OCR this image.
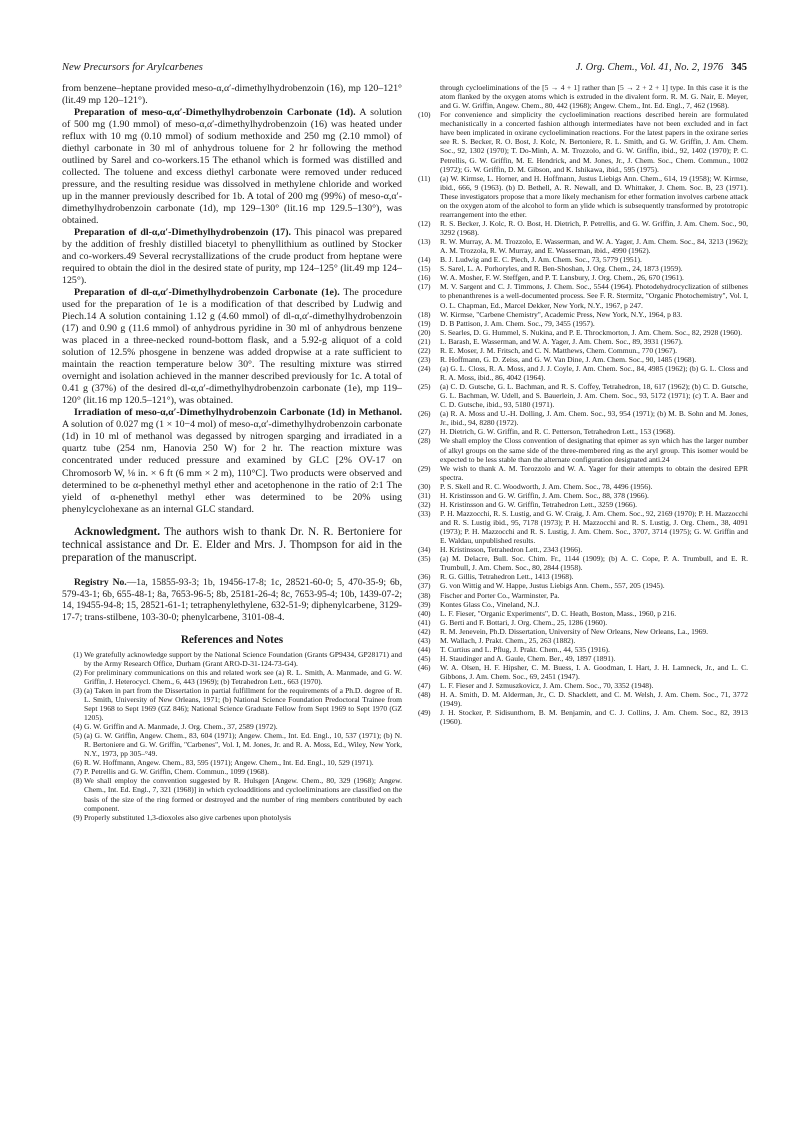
New Precursors for Arylcarbenes	J. Org. Chem., Vol. 41, No. 2, 1976 345

from benzene–heptane provided meso-α,α′-dimethylhydrobenzoin (16), mp 120–121° (lit.49 mp 120–121°).

Preparation of meso-α,α′-Dimethylhydrobenzoin Carbonate (1d). A solution of 500 mg (1.90 mmol) of meso-α,α′-dimethylhydrobenzoin (16) was heated under reflux with 10 mg (0.10 mmol) of sodium methoxide and 250 mg (2.10 mmol) of diethyl carbonate in 30 ml of anhydrous toluene for 2 hr following the method outlined by Sarel and co-workers.15 The ethanol which is formed was distilled and collected. The toluene and excess diethyl carbonate were removed under reduced pressure, and the resulting residue was dissolved in methylene chloride and worked up in the manner previously described for 1b. A total of 200 mg (99%) of meso-α,α′-dimethylhydrobenzoin carbonate (1d), mp 129–130° (lit.16 mp 129.5–130°), was obtained.

Preparation of dl-α,α′-Dimethylhydrobenzoin (17). This pinacol was prepared by the addition of freshly distilled biacetyl to phenyllithium as outlined by Stocker and co-workers.49 Several recrystallizations of the crude product from heptane were required to obtain the diol in the desired state of purity, mp 124–125° (lit.49 mp 124–125°).

Preparation of dl-α,α′-Dimethylhydrobenzoin Carbonate (1e). The procedure used for the preparation of 1e is a modification of that described by Ludwig and Piech.14 A solution containing 1.12 g (4.60 mmol) of dl-α,α′-dimethylhydrobenzoin (17) and 0.90 g (11.6 mmol) of anhydrous pyridine in 30 ml of anhydrous benzene was placed in a three-necked round-bottom flask, and a 5.92-g aliquot of a cold solution of 12.5% phosgene in benzene was added dropwise at a rate sufficient to maintain the reaction temperature below 30°. The resulting mixture was stirred overnight and isolation achieved in the manner described previously for 1c. A total of 0.41 g (37%) of the desired dl-α,α′-dimethylhydrobenzoin carbonate (1e), mp 119–120° (lit.16 mp 120.5–121°), was obtained.

Irradiation of meso-α,α′-Dimethylhydrobenzoin Carbonate (1d) in Methanol. A solution of 0.027 mg (1 × 10−4 mol) of meso-α,α′-dimethylhydrobenzoin carbonate (1d) in 10 ml of methanol was degassed by nitrogen sparging and irradiated in a quartz tube (254 nm, Hanovia 250 W) for 2 hr. The reaction mixture was concentrated under reduced pressure and examined by GLC [2% OV-17 on Chromosorb W, ⅛ in. × 6 ft (6 mm × 2 m), 110°C]. Two products were observed and determined to be α-phenethyl methyl ether and acetophenone in the ratio of 2:1 The yield of α-phenethyl methyl ether was determined to be 20% using phenylcyclohexane as an internal GLC standard.

Acknowledgment. The authors wish to thank Dr. N. R. Bertoniere for technical assistance and Dr. E. Elder and Mrs. J. Thompson for aid in the preparation of the manuscript.

Registry No.—1a, 15855-93-3; 1b, 19456-17-8; 1c, 28521-60-0; 5, 470-35-9; 6b, 579-43-1; 6b, 655-48-1; 8a, 7653-96-5; 8b, 25181-26-4; 8c, 7653-95-4; 10b, 1439-07-2; 14, 19455-94-8; 15, 28521-61-1; tetraphenylethylene, 632-51-9; diphenylcarbene, 3129-17-7; trans-stilbene, 103-30-0; phenylcarbene, 3101-08-4.

References and Notes

(1) We gratefully acknowledge support by the National Science Foundation (Grants GP9434, GP28171) and by the Army Research Office, Durham (Grant ARO-D-31-124-73-G4).

(2) For preliminary communications on this and related work see (a) R. L. Smith, A. Manmade, and G. W. Griffin, J. Heterocycl. Chem., 6, 443 (1969); (b) Tetrahedron Lett., 663 (1970).

(3) (a) Taken in part from the Dissertation in partial fulfillment for the requirements of a Ph.D. degree of R. L. Smith, University of New Orleans, 1971; (b) National Science Foundation Predoctoral Trainee from Sept 1968 to Sept 1969 (GZ 846); National Science Graduate Fellow from Sept 1969 to Sept 1970 (GZ 1205).

(4) G. W. Griffin and A. Manmade, J. Org. Chem., 37, 2589 (1972).

(5) (a) G. W. Griffin, Angew. Chem., 83, 604 (1971); Angew. Chem., Int. Ed. Engl., 10, 537 (1971); (b) N. R. Bertoniere and G. W. Griffin, "Carbenes", Vol. I, M. Jones, Jr. and R. A. Moss, Ed., Wiley, New York, N.Y., 1973, pp 305–°49.

(6) R. W. Hoffmann, Angew. Chem., 83, 595 (1971); Angew. Chem., Int. Ed. Engl., 10, 529 (1971).

(7) P. Petrellis and G. W. Griffin, Chem. Commun., 1099 (1968).

(8) We shall employ the convention suggested by R. Hulsgen [Angew. Chem., 80, 329 (1968); Angew. Chem., Int. Ed. Engl., 7, 321 (1968)] in which cycloadditions and cycloeliminations are classified on the basis of the size of the ring formed or destroyed and the number of ring members contributed by each component.

(9) Properly substituted 1,3-dioxoles also give carbenes upon photolysis

through cycloeliminations of the [5 → 4 + 1] rather than [5 → 2 + 2 + 1] type. In this case it is the atom flanked by the oxygen atoms which is extruded in the divalent form. R. M. G. Nair, E. Meyer, and G. W. Griffin, Angew. Chem., 80, 442 (1968); Angew. Chem., Int. Ed. Engl., 7, 462 (1968).

(10)	For convenience and simplicity the cycloelimination reactions described herein are formulated mechanistically in a concerted fashion although intermediates have not been excluded and in fact have been implicated in oxirane cycloelimination reactions. For the latest papers in the oxirane series see R. S. Becker, R. O. Bost, J. Kolc, N. Bertoniere, R. L. Smith, and G. W. Griffin, J. Am. Chem. Soc., 92, 1302 (1970); T. Do-Minh, A. M. Trozzolo, and G. W. Griffin, ibid., 92, 1402 (1970); P. C. Petrellis, G. W. Griffin, M. E. Hendrick, and M. Jones, Jr., J. Chem. Soc., Chem. Commun., 1002 (1972); G. W. Griffin, D. M. Gibson, and K. Ishikawa, ibid., 595 (1975).

(11)	(a) W. Kirmse, L. Horner, and H. Hoffmann, Justus Liebigs Ann. Chem., 614, 19 (1958); W. Kirmse, ibid., 666, 9 (1963). (b) D. Bethell, A. R. Newall, and D. Whittaker, J. Chem. Soc. B, 23 (1971). These investigators propose that a more likely mechanism for ether formation involves carbene attack on the oxygen atom of the alcohol to form an ylide which is subsequently transformed by prototropic rearrangement into the ether.

(12)	R. S. Becker, J. Kolc, R. O. Bost, H. Dietrich, P. Petrellis, and G. W. Griffin, J. Am. Chem. Soc., 90, 3292 (1968).

(13)	R. W. Murray, A. M. Trozzolo, E. Wasserman, and W. A. Yager, J. Am. Chem. Soc., 84, 3213 (1962); A. M. Trozzola, R. W. Murray, and E. Wasserman, ibid., 4990 (1962).

(14)	B. J. Ludwig and E. C. Piech, J. Am. Chem. Soc., 73, 5779 (1951).

(15)	S. Sarel, L. A. Porhoryles, and R. Ben-Shoshan, J. Org. Chem., 24, 1873 (1959).

(16)	W. A. Mosher, F. W. Steffgen, and P. T. Lansbury, J. Org. Chem., 26, 670 (1961).

(17)	M. V. Sargent and C. J. Timmons, J. Chem. Soc., 5544 (1964). Photodehydrocyclization of stilbenes to phenanthrenes is a well-documented process. See F. R. Stermitz, "Organic Photochemistry", Vol. I, O. L. Chapman, Ed., Marcel Dekker, New York, N.Y., 1967, p 247.

(18)	W. Kirmse, "Carbene Chemistry", Academic Press, New York, N.Y., 1964, p 83.

(19)	D. B Pattison, J. Am. Chem. Soc., 79, 3455 (1957).

(20)	S. Searles, D. G. Hummel, S. Nukina, and P. E. Throckmorton, J. Am. Chem. Soc., 82, 2928 (1960).

(21)	L. Barash, E. Wasserman, and W. A. Yager, J. Am. Chem. Soc., 89, 3931 (1967).

(22)	R. E. Moser, J. M. Fritsch, and C. N. Matthews, Chem. Commun., 770 (1967).

(23)	R. Hoffmann, G. D. Zeiss, and G. W. Van Dine, J. Am. Chem. Soc., 90, 1485 (1968).

(24)	(a) G. L. Closs, R. A. Moss, and J. J. Coyle, J. Am. Chem. Soc., 84, 4985 (1962); (b) G. L. Closs and R. A. Moss, ibid., 86, 4042 (1964).

(25)	(a) C. D. Gutsche, G. L. Bachman, and R. S. Coffey, Tetrahedron, 18, 617 (1962); (b) C. D. Gutsche, G. L. Bachman, W. Udell, and S. Bauerlein, J. Am. Chem. Soc., 93, 5172 (1971); (c) T. A. Baer and C. D. Gutsche, ibid., 93, 5180 (1971).

(26)	(a) R. A. Moss and U.-H. Dolling, J. Am. Chem. Soc., 93, 954 (1971); (b) M. B. Sohn and M. Jones, Jr., ibid., 94, 8280 (1972).

(27)	H. Dietrich, G. W. Griffin, and R. C. Petterson, Tetrahedron Lett., 153 (1968).

(28)	We shall employ the Closs convention of designating that epimer as syn which has the larger number of alkyl groups on the same side of the three-membered ring as the aryl group. This isomer would be expected to be less stable than the alternate configuration designated anti.24

(29)	We wish to thank A. M. Torozzolo and W. A. Yager for their attempts to obtain the desired EPR spectra.

(30)	P. S. Skell and R. C. Woodworth, J. Am. Chem. Soc., 78, 4496 (1956).

(31)	H. Kristinsson and G. W. Griffin, J. Am. Chem. Soc., 88, 378 (1966).

(32)	H. Kristinsson and G. W. Griffin, Tetrahedron Lett., 3259 (1966).

(33)	P. H. Mazzocchi, R. S. Lustig, and G. W. Craig, J. Am. Chem. Soc., 92, 2169 (1970); P. H. Mazzocchi and R. S. Lustig ibid., 95, 7178 (1973); P. H. Mazzocchi and R. S. Lustig, J. Org. Chem., 38, 4091 (1973); P. H. Mazzocchi and R. S. Lustig, J. Am. Chem. Soc., 3707, 3714 (1975); G. W. Griffin and E. Waldau, unpublished results.

(34)	H. Kristinsson, Tetrahedron Lett., 2343 (1966).

(35)	(a) M. Delacre, Bull. Soc. Chim. Fr., 1144 (1909); (b) A. C. Cope, P. A. Trumbull, and E. R. Trumbull, J. Am. Chem. Soc., 80, 2844 (1958).

(36)	R. G. Gillis, Tetrahedron Lett., 1413 (1968).

(37)	G. von Wittig and W. Happe, Justus Liebigs Ann. Chem., 557, 205 (1945).

(38)	Fischer and Porter Co., Warminster, Pa.

(39)	Kontes Glass Co., Vineland, N.J.

(40)	L. F. Fieser, "Organic Experiments", D. C. Heath, Boston, Mass., 1960, p 216.

(41)	G. Berti and F. Bottari, J. Org. Chem., 25, 1286 (1960).

(42)	R. M. Jenevein, Ph.D. Dissertation, University of New Orleans, New Orleans, La., 1969.

(43)	M. Wallach, J. Prakt. Chem., 25, 263 (1882).

(44)	T. Curtius and L. Pflug, J. Prakt. Chem., 44, 535 (1916).

(45)	H. Staudinger and A. Gaule, Chem. Ber., 49, 1897 (1891).

(46)	W. A. Olsen, H. F. Hipsher, C. M. Buess, I. A. Goodman, I. Hart, J. H. Lamneck, Jr., and L. C. Gibbons, J. Am. Chem. Soc., 69, 2451 (1947).

(47)	L. F. Fieser and J. Szmuszkovicz, J. Am. Chem. Soc., 70, 3352 (1948).

(48)	H. A. Smith, D. M. Alderman, Jr., C. D. Shacklett, and C. M. Welsh, J. Am. Chem. Soc., 71, 3772 (1949).

(49)	J. H. Stocker, P. Sidisunthorn, B. M. Benjamin, and C. J. Collins, J. Am. Chem. Soc., 82, 3913 (1960).
